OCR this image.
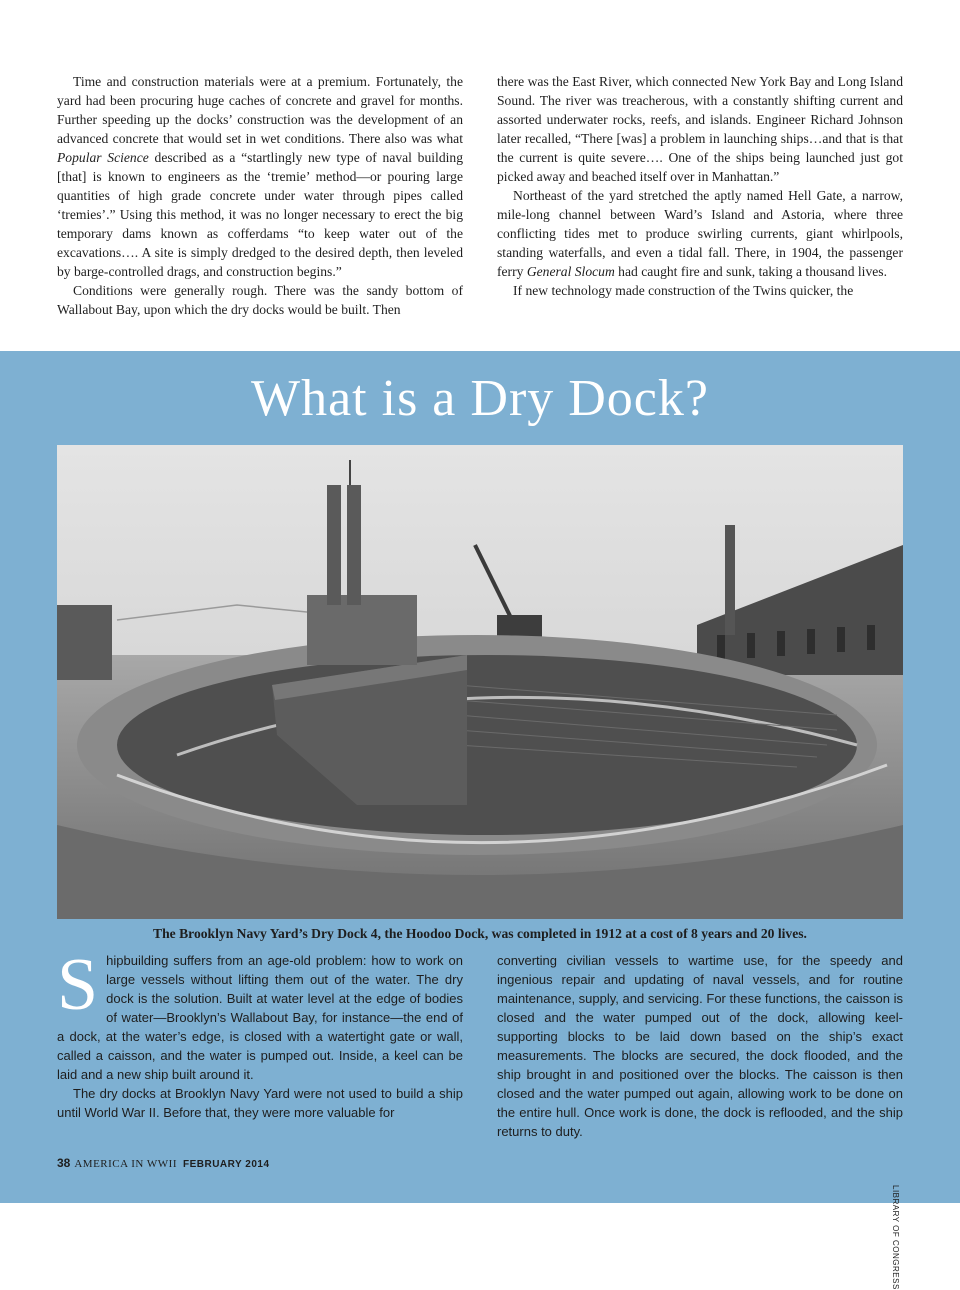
Time and construction materials were at a premium. Fortunately, the yard had been procuring huge caches of concrete and gravel for months. Further speeding up the docks’ construction was the development of an advanced concrete that would set in wet conditions. There also was what Popular Science described as a “startlingly new type of naval building [that] is known to engineers as the ‘tremie’ method—or pouring large quantities of high grade concrete under water through pipes called ‘tremies’.” Using this method, it was no longer necessary to erect the big temporary dams known as cofferdams “to keep water out of the excavations…. A site is simply dredged to the desired depth, then leveled by barge-controlled drags, and construction begins.”

Conditions were generally rough. There was the sandy bottom of Wallabout Bay, upon which the dry docks would be built. Then

there was the East River, which connected New York Bay and Long Island Sound. The river was treacherous, with a constantly shifting current and assorted underwater rocks, reefs, and islands. Engineer Richard Johnson later recalled, “There [was] a problem in launching ships…and that is that the current is quite severe…. One of the ships being launched just got picked away and beached itself over in Manhattan.”

Northeast of the yard stretched the aptly named Hell Gate, a narrow, mile-long channel between Ward’s Island and Astoria, where three conflicting tides met to produce swirling currents, giant whirlpools, standing waterfalls, and even a tidal fall. There, in 1904, the passenger ferry General Slocum had caught fire and sunk, taking a thousand lives.

If new technology made construction of the Twins quicker, the

What is a Dry Dock?
LIBRARY OF CONGRESS
The Brooklyn Navy Yard’s Dry Dock 4, the Hoodoo Dock, was completed in 1912 at a cost of 8 years and 20 lives.

Shipbuilding suffers from an age-old problem: how to work on large vessels without lifting them out of the water. The dry dock is the solution. Built at water level at the edge of bodies of water—Brooklyn’s Wallabout Bay, for instance—the end of a dock, at the water’s edge, is closed with a watertight gate or wall, called a caisson, and the water is pumped out. Inside, a keel can be laid and a new ship built around it.

The dry docks at Brooklyn Navy Yard were not used to build a ship until World War II. Before that, they were more valuable for

converting civilian vessels to wartime use, for the speedy and ingenious repair and updating of naval vessels, and for routine maintenance, supply, and servicing. For these functions, the caisson is closed and the water pumped out of the dock, allowing keel-supporting blocks to be laid down based on the ship’s exact measurements. The blocks are secured, the dock flooded, and the ship brought in and positioned over the blocks. The caisson is then closed and the water pumped out again, allowing work to be done on the entire hull. Once work is done, the dock is reflooded, and the ship returns to duty.

38 AMERICA IN WWII FEBRUARY 2014
